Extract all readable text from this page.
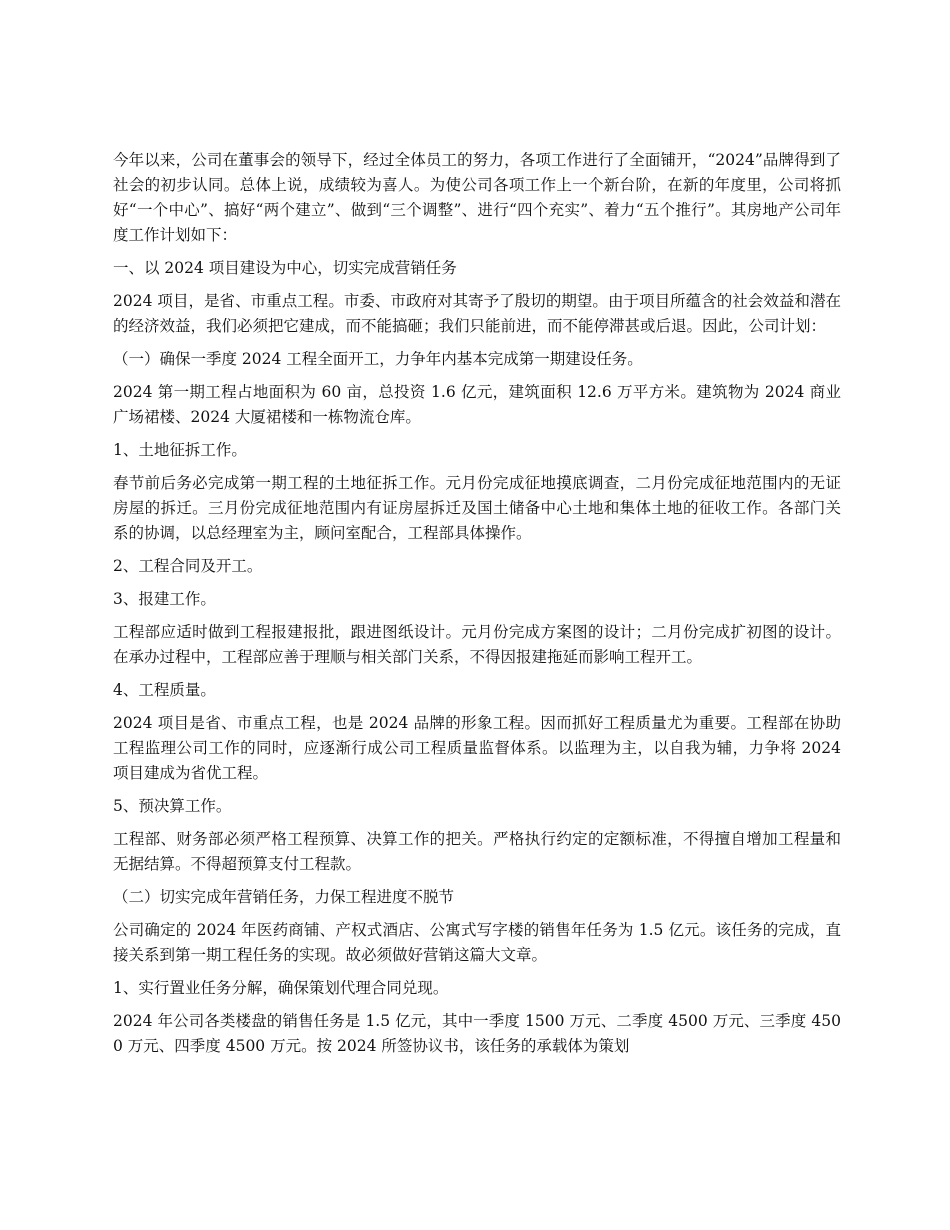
今年以来，公司在董事会的领导下，经过全体员工的努力，各项工作进行了全面铺开，“2024”品牌得到了社会的初步认同。总体上说，成绩较为喜人。为使公司各项工作上一个新台阶，在新的年度里，公司将抓好“一个中心”、搞好“两个建立”、做到“三个调整”、进行“四个充实”、着力“五个推行”。其房地产公司年度工作计划如下：

一、以 2024 项目建设为中心，切实完成营销任务

2024 项目，是省、市重点工程。市委、市政府对其寄予了殷切的期望。由于项目所蕴含的社会效益和潜在的经济效益，我们必须把它建成，而不能搞砸；我们只能前进，而不能停滞甚或后退。因此，公司计划：

（一）确保一季度 2024 工程全面开工，力争年内基本完成第一期建设任务。

2024 第一期工程占地面积为 60 亩，总投资 1.6 亿元，建筑面积 12.6 万平方米。建筑物为 2024 商业广场裙楼、2024 大厦裙楼和一栋物流仓库。

1、土地征拆工作。

春节前后务必完成第一期工程的土地征拆工作。元月份完成征地摸底调查，二月份完成征地范围内的无证房屋的拆迁。三月份完成征地范围内有证房屋拆迁及国土储备中心土地和集体土地的征收工作。各部门关系的协调，以总经理室为主，顾问室配合，工程部具体操作。

2、工程合同及开工。

3、报建工作。

工程部应适时做到工程报建报批，跟进图纸设计。元月份完成方案图的设计；二月份完成扩初图的设计。在承办过程中，工程部应善于理顺与相关部门关系，不得因报建拖延而影响工程开工。

4、工程质量。

2024 项目是省、市重点工程，也是 2024 品牌的形象工程。因而抓好工程质量尤为重要。工程部在协助工程监理公司工作的同时，应逐渐行成公司工程质量监督体系。以监理为主，以自我为辅，力争将 2024 项目建成为省优工程。

5、预决算工作。

工程部、财务部必须严格工程预算、决算工作的把关。严格执行约定的定额标准，不得擅自增加工程量和无据结算。不得超预算支付工程款。

（二）切实完成年营销任务，力保工程进度不脱节

公司确定的 2024 年医药商铺、产权式酒店、公寓式写字楼的销售年任务为 1.5 亿元。该任务的完成，直接关系到第一期工程任务的实现。故必须做好营销这篇大文章。

1、实行置业任务分解，确保策划代理合同兑现。

2024 年公司各类楼盘的销售任务是 1.5 亿元，其中一季度 1500 万元、二季度 4500 万元、三季度 4500 万元、四季度 4500 万元。按 2024 所签协议书，该任务的承载体为策划
